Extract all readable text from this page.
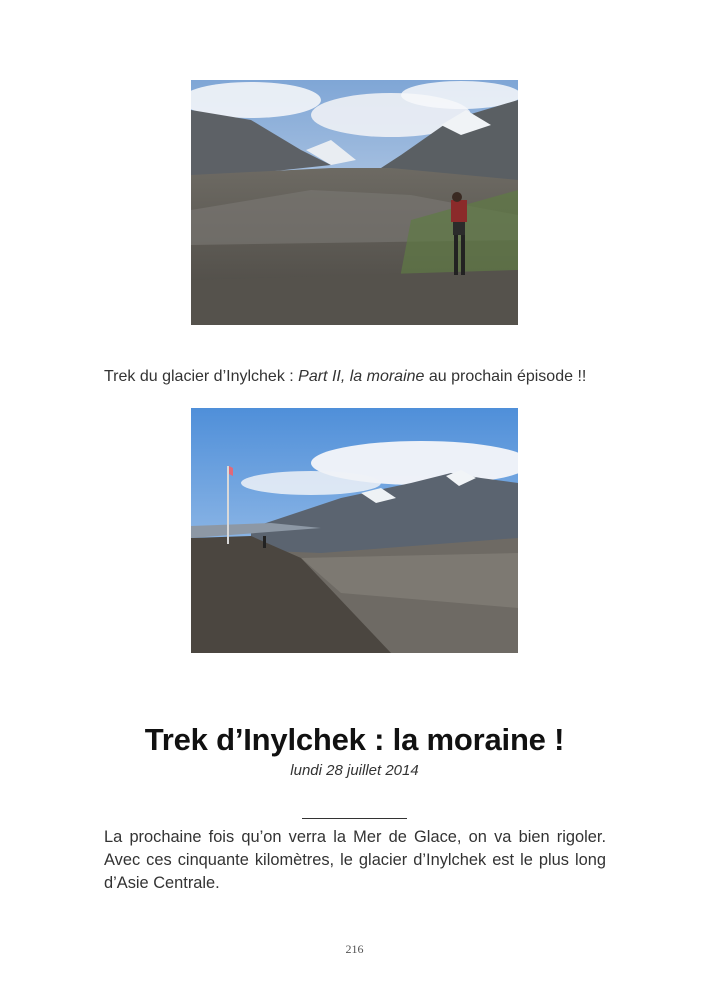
Trek du glacier d’Inylchek : Part II, la moraine au prochain épisode !!

Trek d’Inylchek : la moraine !
lundi 28 juillet 2014

La prochaine fois qu’on verra la Mer de Glace, on va bien rigoler. Avec ces cinquante kilomètres, le glacier d’Inylchek est le plus long d’Asie Centrale.

216
